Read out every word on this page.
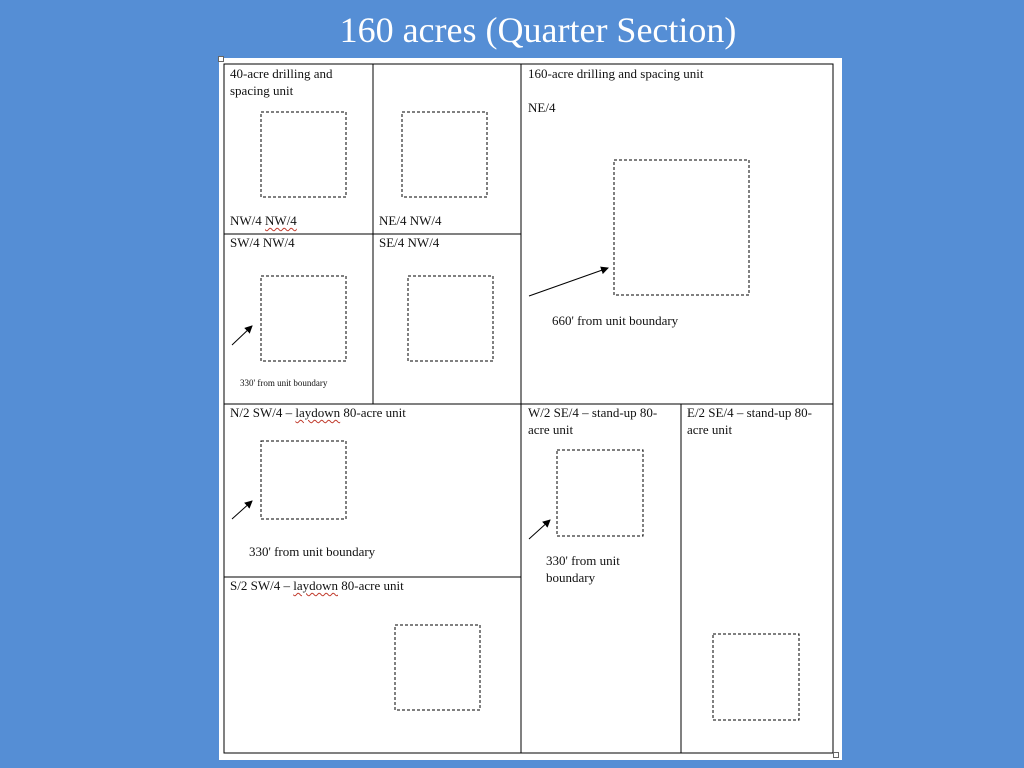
160 acres (Quarter Section)
40-acre drilling and spacing unit
NW/4 NW/4	NE/4 NW/4
SW/4 NW/4
330' from unit boundary
SE/4 NW/4
160-acre drilling and spacing unit
NE/4
660' from unit boundary
N/2 SW/4 – laydown 80-acre unit
330' from unit boundary
S/2 SW/4 – laydown 80-acre unit
W/2 SE/4 – stand-up 80-acre unit
330' from unit boundary
E/2 SE/4 – stand-up 80-acre unit
